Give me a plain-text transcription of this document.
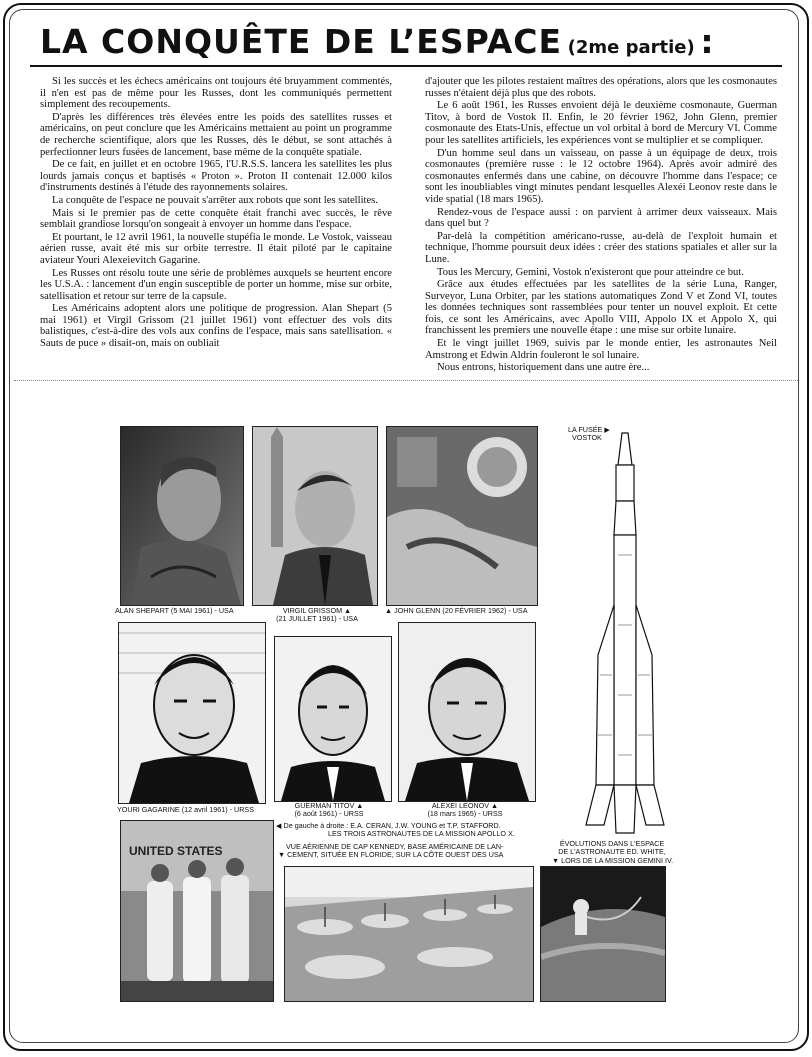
LA CONQUÊTE DE L’ESPACE (2me partie) :

Si les succès et les échecs américains ont toujours été bruyamment commentés, il n'en est pas de même pour les Russes, dont les communiqués permettent simplement des recoupements.

D'après les différences très élevées entre les poids des satellites russes et américains, on peut conclure que les Américains mettaient au point un programme de recherche scientifique, alors que les Russes, dès le début, se sont attachés à perfectionner leurs fusées de lancement, base même de la conquête spatiale.

De ce fait, en juillet et en octobre 1965, l'U.R.S.S. lancera les satellites les plus lourds jamais conçus et baptisés « Proton ». Proton II contenait 12.000 kilos d'instruments destinés à l'étude des rayonnements solaires.

La conquête de l'espace ne pouvait s'arrêter aux robots que sont les satellites.

Mais si le premier pas de cette conquête était franchi avec succès, le rêve semblait grandiose lorsqu'on songeait à envoyer un homme dans l'espace.

Et pourtant, le 12 avril 1961, la nouvelle stupéfia le monde. Le Vostok, vaisseau aérien russe, avait été mis sur orbite terrestre. Il était piloté par le capitaine aviateur Youri Alexeievitch Gagarine.

Les Russes ont résolu toute une série de problèmes auxquels se heurtent encore les U.S.A. : lancement d'un engin susceptible de porter un homme, mise sur orbite, satellisation et retour sur terre de la capsule.

Les Américains adoptent alors une politique de progression. Alan Shepart (5 mai 1961) et Virgil Grissom (21 juillet 1961) vont effectuer des vols dits balistiques, c'est-à-dire des vols aux confins de l'espace, mais sans satellisation. « Sauts de puce » disait-on, mais on oubliait

d'ajouter que les pilotes restaient maîtres des opérations, alors que les cosmonautes russes n'étaient déjà plus que des robots.

Le 6 août 1961, les Russes envoient déjà le deuxième cosmonaute, Guerman Titov, à bord de Vostok II. Enfin, le 20 février 1962, John Glenn, premier cosmonaute des Etats-Unis, effectue un vol orbital à bord de Mercury VI. Comme pour les satellites artificiels, les expériences vont se multiplier et se compliquer.

D'un homme seul dans un vaisseau, on passe à un équipage de deux, trois cosmonautes (première russe : le 12 octobre 1964). Après avoir admiré des cosmonautes enfermés dans une cabine, on découvre l'homme dans l'espace; ce sont les inoubliables vingt minutes pendant lesquelles Alexéi Leonov reste dans le vide spatial (18 mars 1965).

Rendez-vous de l'espace aussi : on parvient à arrimer deux vaisseaux. Mais dans quel but ?

Par-delà la compétition américano-russe, au-delà de l'exploit humain et technique, l'homme poursuit deux idées : créer des stations spatiales et aller sur la Lune.

Tous les Mercury, Gemini, Vostok n'existeront que pour atteindre ce but.

Grâce aux études effectuées par les satellites de la série Luna, Ranger, Surveyor, Luna Orbiter, par les stations automatiques Zond V et Zond VI, toutes les données techniques sont rassemblées pour tenter un nouvel exploit. Et cette fois, ce sont les Américains, avec Apollo VIII, Appolo IX et Appolo X, qui franchissent les premiers une nouvelle étape : une mise sur orbite lunaire.

Et le vingt juillet 1969, suivis par le monde entier, les astronautes Neil Amstrong et Edwin Aldrin fouleront le sol lunaire.

Nous entrons, historiquement dans une autre ère...

ALAN SHEPART (5 MAI 1961) - USA	VIRGIL GRISSOM ▲
(21 JUILLET 1961) - USA
▲ JOHN GLENN (20 FÉVRIER 1962) - USA
YOURI GAGARINE (12 avril 1961) - URSS	GUERMAN TITOV ▲
(6 août 1961) - URSS
ALEXEI LEONOV ▲
(18 mars 1965) - URSS
UNITED STATES
◀ De gauche à droite : E.A. CERAN, J.W. YOUNG et T.P. STAFFORD.
LES TROIS ASTRONAUTES DE LA MISSION APOLLO X.
VUE AÉRIENNE DE CAP KENNEDY, BASE AMÉRICAINE DE LAN-
▼ CEMENT, SITUÉE EN FLORIDE, SUR LA CÔTE OUEST DES USA
LA FUSÉE ▶
VOSTOK
ÉVOLUTIONS DANS L'ESPACE
DE L'ASTRONAUTE ED. WHITE,
▼ LORS DE LA MISSION GEMINI IV.
